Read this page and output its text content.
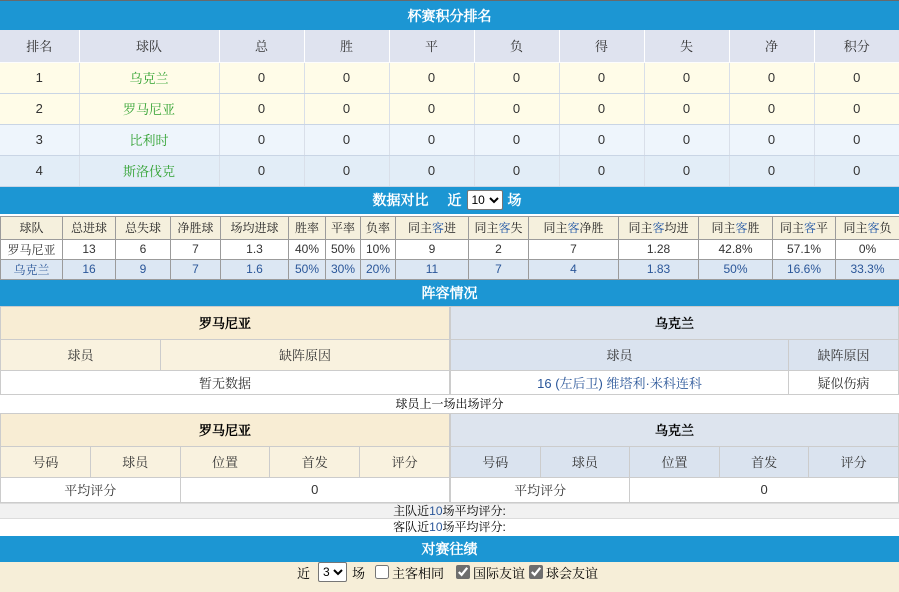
杯赛积分排名
排名	球队	总	胜	平	负	得	失	净	积分
1	乌克兰	0	0	0	0	0	0	0	0
2	罗马尼亚	0	0	0	0	0	0	0	0
3	比利时	0	0	0	0	0	0	0	0
4	斯洛伐克	0	0	0	0	0	0	0	0
数据对比 近
10	场
球队	总进球	总失球	净胜球	场均进球	胜率	平率	负率	同主客进	同主客失	同主客净胜	同主客均进	同主客胜	同主客平	同主客负
罗马尼亚	13	6	7	1.3	40%	50%	10%	9	2	7	1.28	42.8%	57.1%	0%
乌克兰	16	9	7	1.6	50%	30%	20%	11	7	4	1.83	50%	16.6%	33.3%
阵容情况
罗马尼亚
球员	缺阵原因
暂无数据
乌克兰	
球员	缺阵原因
16 (左后卫) 维塔利·米科连科	疑似伤病
球员上一场出场评分
罗马尼亚				
号码	球员	位置	首发	评分
平均评分		0		
乌克兰				
号码	球员	位置	首发	评分
平均评分		0		
主队近10场平均评分:
客队近10场平均评分:
对赛往绩
近
3	场 主客相同 国际友谊 球会友谊
